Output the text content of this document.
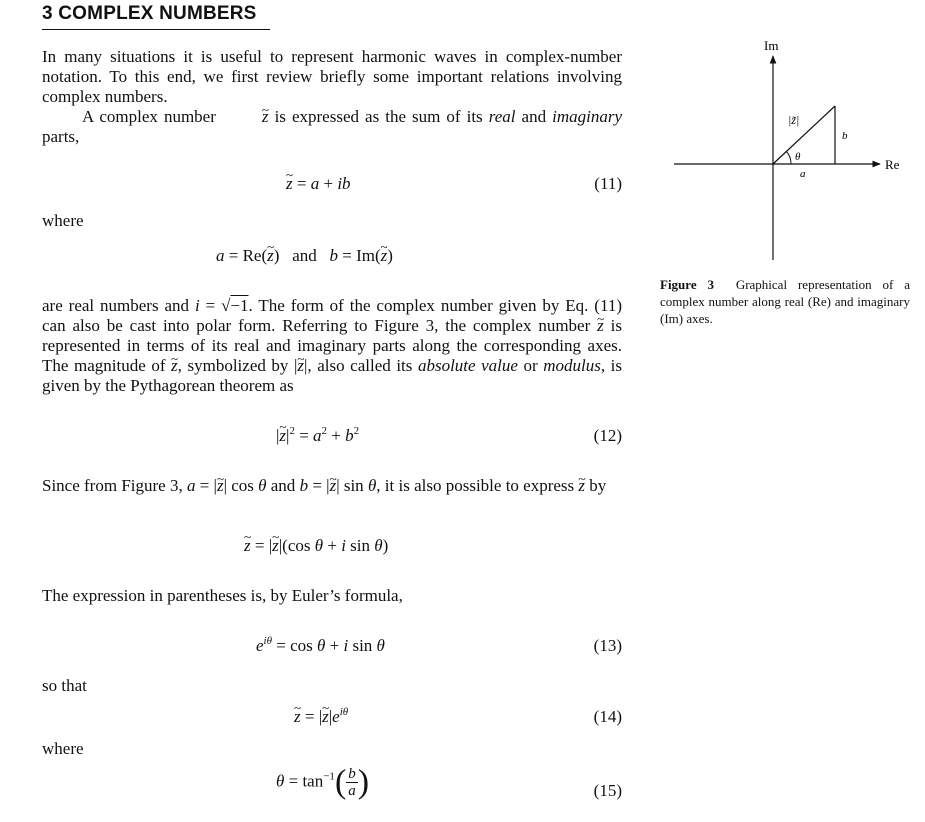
3 COMPLEX NUMBERS
In many situations it is useful to represent harmonic waves in complex-number notation. To this end, we first review briefly some important relations involving complex numbers.
A complex number ~ z is expressed as the sum of its real and imaginary parts,
~ z = a + ib	(11)
where
a = Re(~ z)   and b = Im(~ z)
are real numbers and i = √−1. The form of the complex number given by Eq. (11) can also be cast into polar form. Referring to Figure 3, the complex number ~ z is represented in terms of its real and imaginary parts along the corresponding axes. The magnitude of ~ z, symbolized by |~ z|, also called its absolute value or modulus, is given by the Pythagorean theorem as
|~ $z|^2 = a^2 + b^2$	(12)
Since from Figure 3, a = |~ z| cos θ and b = |~ z| sin θ, it is also possible to express ~ z by
~ z = |~ z|(cos θ + i sin θ)
The expression in parentheses is, by Euler’s formula,
$e^{i\theta} = \cos \theta + i$ sin θ	(13)
so that
~ z = |~ $z|e^{i\theta}$	(14)
where
$\theta = \tan^{-1}( \frac{b}{a}$ )	(15)
Im
Re
|z̃|
a
b
θ
Figure 3 Graphical representation of a complex number along real (Re) and imaginary (Im) axes.
